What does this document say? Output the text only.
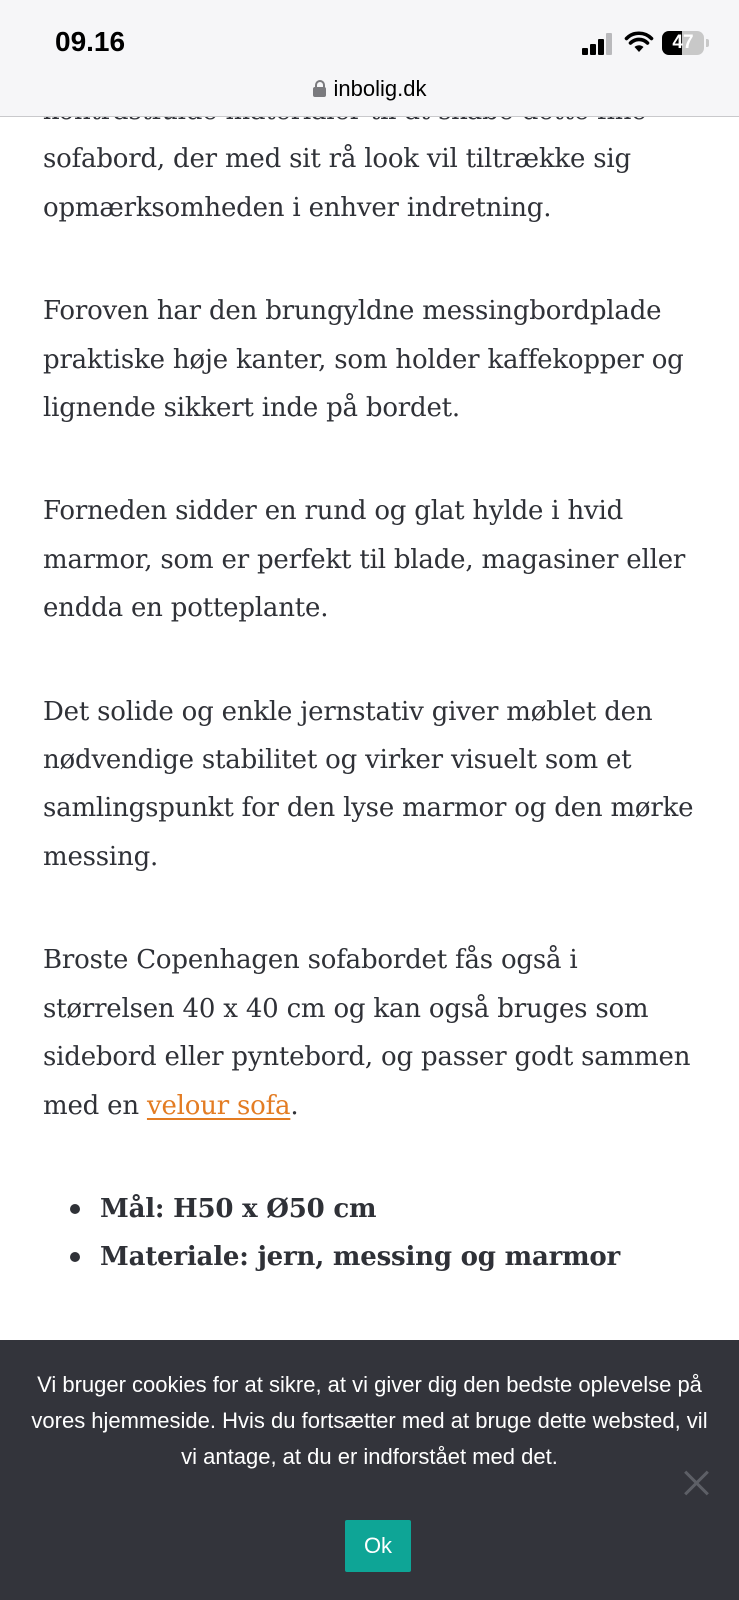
sofabord, der med sit rå look vil tiltrække sig opmærksomheden i enhver indretning.

Foroven har den brungyldne messingbordplade praktiske høje kanter, som holder kaffekopper og lignende sikkert inde på bordet.

Forneden sidder en rund og glat hylde i hvid marmor, som er perfekt til blade, magasiner eller endda en potteplante.

Det solide og enkle jernstativ giver møblet den nødvendige stabilitet og virker visuelt som et samlingspunkt for den lyse marmor og den mørke messing.

Broste Copenhagen sofabordet fås også i størrelsen 40 x 40 cm og kan også bruges som sidebord eller pyntebord, og passer godt sammen med en velour sofa.

Mål: H50 x Ø50 cm
Materiale: jern, messing og marmor
09.16	47
inbolig.dk
Vi bruger cookies for at sikre, at vi giver dig den bedste oplevelse på vores hjemmeside. Hvis du fortsætter med at bruge dette websted, vil vi antage, at du er indforstået med det.
Ok
